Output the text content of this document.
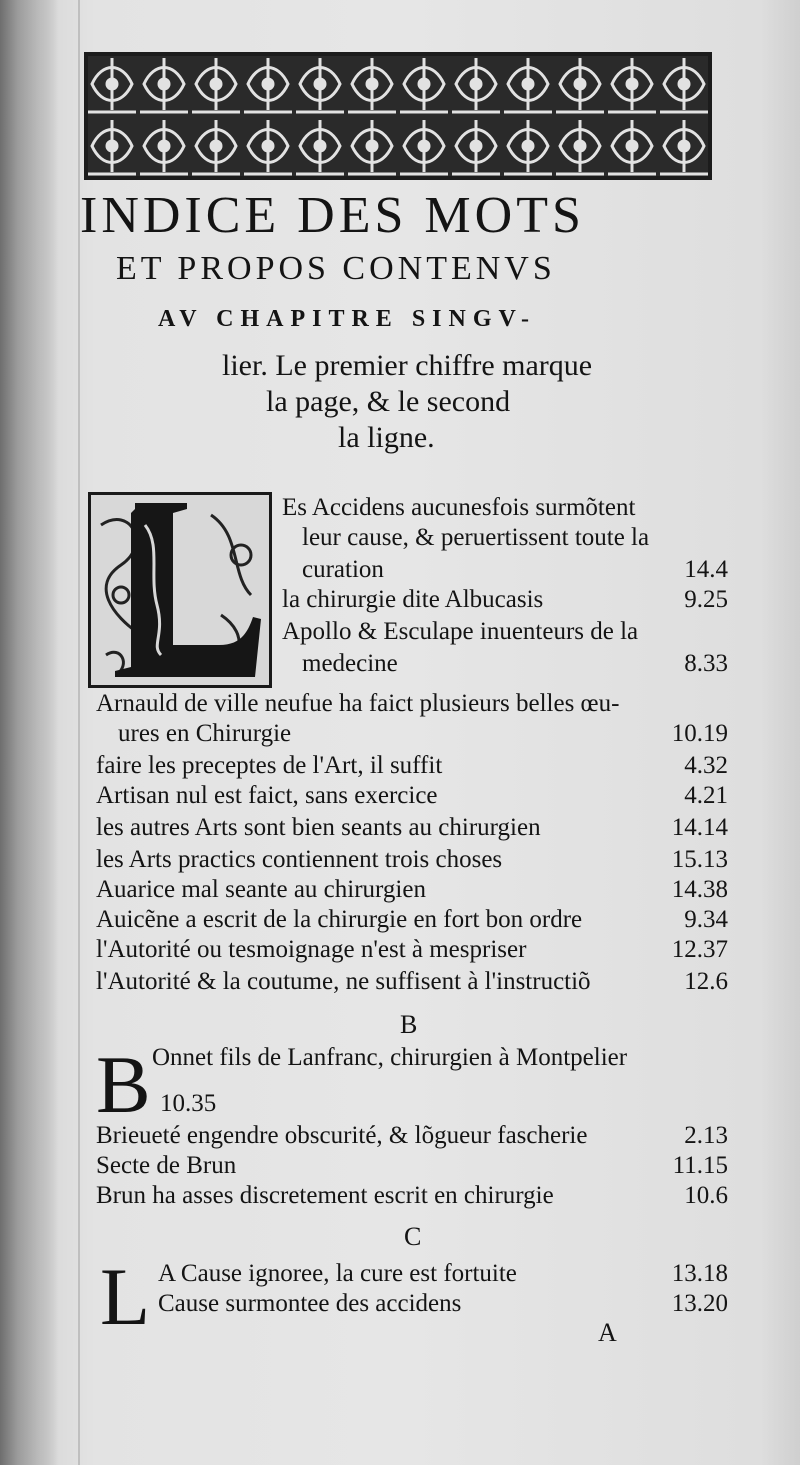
INDICE DES MOTS
ET PROPOS CONTENVS
AV CHAPITRE SINGV-
lier. Le premier chiffre marque
la page, & le second
la ligne.
Es Accidens aucunesfois surmõtent
leur cause, & peruertissent toute la
curation	14.4
la chirurgie dite Albucasis	9.25
Apollo & Esculape inuenteurs de la
medecine	8.33
Arnauld de ville neufue ha faict plusieurs belles œu-
ures en Chirurgie	10.19
faire les preceptes de l'Art, il suffit	4.32
Artisan nul est faict, sans exercice	4.21
les autres Arts sont bien seants au chirurgien	14.14
les Arts practics contiennent trois choses	15.13
Auarice mal seante au chirurgien	14.38
Auicẽne a escrit de la chirurgie en fort bon ordre	9.34
l'Autorité ou tesmoignage n'est à mespriser	12.37
l'Autorité & la coutume, ne suffisent à l'instructiõ	12.6
B
B Onnet fils de Lanfranc, chirurgien à Montpelier
10.35
Brieueté engendre obscurité, & lõgueur fascherie	2.13
Secte de Brun	11.15
Brun ha asses discretement escrit en chirurgie	10.6
C
L A Cause ignoree, la cure est fortuite	13.18
Cause surmontee des accidens	13.20
A
